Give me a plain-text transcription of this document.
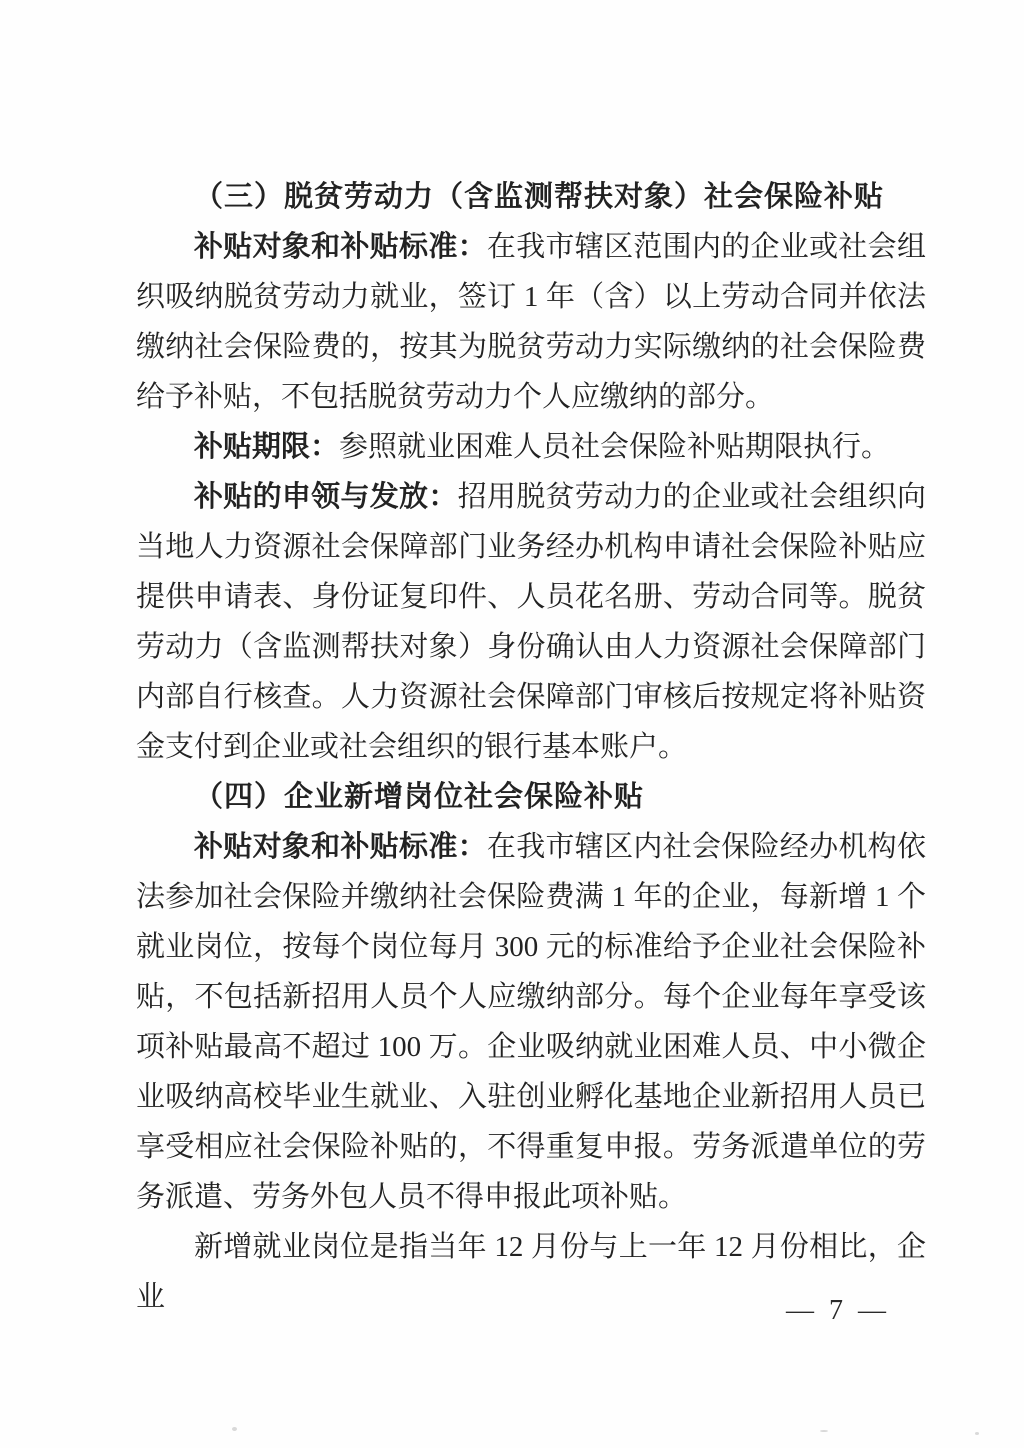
（三）脱贫劳动力（含监测帮扶对象）社会保险补贴

补贴对象和补贴标准：在我市辖区范围内的企业或社会组织吸纳脱贫劳动力就业，签订 1 年（含）以上劳动合同并依法缴纳社会保险费的，按其为脱贫劳动力实际缴纳的社会保险费给予补贴，不包括脱贫劳动力个人应缴纳的部分。

补贴期限：参照就业困难人员社会保险补贴期限执行。

补贴的申领与发放：招用脱贫劳动力的企业或社会组织向当地人力资源社会保障部门业务经办机构申请社会保险补贴应提供申请表、身份证复印件、人员花名册、劳动合同等。脱贫劳动力（含监测帮扶对象）身份确认由人力资源社会保障部门内部自行核查。人力资源社会保障部门审核后按规定将补贴资金支付到企业或社会组织的银行基本账户。

（四）企业新增岗位社会保险补贴

补贴对象和补贴标准：在我市辖区内社会保险经办机构依法参加社会保险并缴纳社会保险费满 1 年的企业，每新增 1 个就业岗位，按每个岗位每月 300 元的标准给予企业社会保险补贴，不包括新招用人员个人应缴纳部分。每个企业每年享受该项补贴最高不超过 100 万。企业吸纳就业困难人员、中小微企业吸纳高校毕业生就业、入驻创业孵化基地企业新招用人员已享受相应社会保险补贴的，不得重复申报。劳务派遣单位的劳务派遣、劳务外包人员不得申报此项补贴。

新增就业岗位是指当年 12 月份与上一年 12 月份相比，企业	— 7 —
